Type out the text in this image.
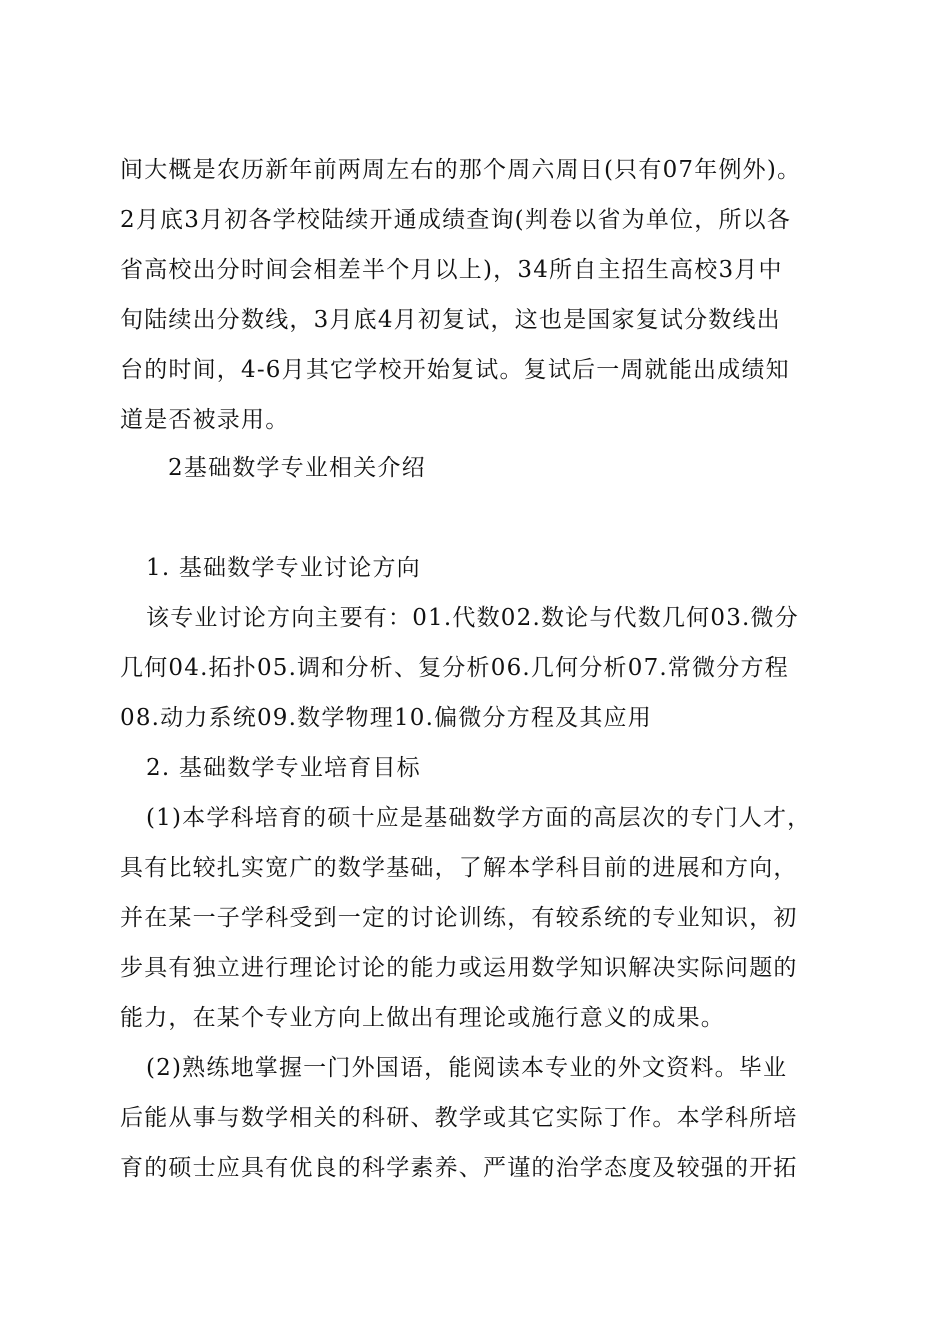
间大概是农历新年前两周左右的那个周六周日(只有07年例外)。
2月底3月初各学校陆续开通成绩查询(判卷以省为单位，所以各
省高校出分时间会相差半个月以上)，34所自主招生高校3月中
旬陆续出分数线，3月底4月初复试，这也是国家复试分数线出
台的时间，4-6月其它学校开始复试。复试后一周就能出成绩知
道是否被录用。
2基础数学专业相关介绍
1. 基础数学专业讨论方向
该专业讨论方向主要有：01.代数02.数论与代数几何03.微分
几何04.拓扑05.调和分析、复分析06.几何分析07.常微分方程
08.动力系统09.数学物理10.偏微分方程及其应用
2. 基础数学专业培育目标
(1)本学科培育的硕十应是基础数学方面的高层次的专门人才，
具有比较扎实宽广的数学基础，了解本学科目前的进展和方向，
并在某一子学科受到一定的讨论训练，有较系统的专业知识，初
步具有独立进行理论讨论的能力或运用数学知识解决实际问题的
能力，在某个专业方向上做出有理论或施行意义的成果。
(2)熟练地掌握一门外国语，能阅读本专业的外文资料。毕业
后能从事与数学相关的科研、教学或其它实际丁作。本学科所培
育的硕士应具有优良的科学素养、严谨的治学态度及较强的开拓
